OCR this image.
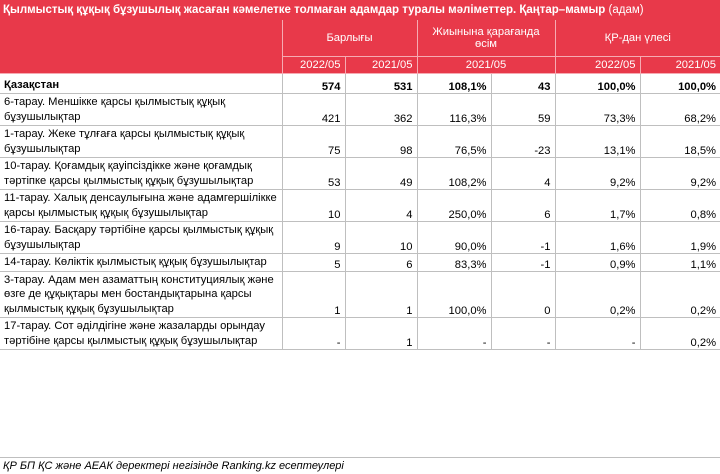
Қылмыстық құқық бұзушылық жасаған кәмелетке толмаған адамдар туралы мәліметтер. Қаңтар–мамыр (адам)
	Барлығы		Жиынына қарағанда өсім		ҚР-дан үлесі	
	2022/05	2021/05	2021/05		2022/05	2021/05
Қазақстан	574	531	108,1%	43	100,0%	100,0%
6-тарау. Меншікке қарсы қылмыстық құқық бұзушылықтар	421	362	116,3%	59	73,3%	68,2%
1-тарау. Жеке тұлғаға қарсы қылмыстық құқық бұзушылықтар	75	98	76,5%	-23	13,1%	18,5%
10-тарау. Қоғамдық қауіпсіздікке және қоғамдық тәртіпке қарсы қылмыстық құқық бұзушылықтар	53	49	108,2%	4	9,2%	9,2%
11-тарау. Халық денсаулығына және адамгершілікке қарсы қылмыстық құқық бұзушылықтар	10	4	250,0%	6	1,7%	0,8%
16-тарау. Басқару тәртібіне қарсы қылмыстық құқық бұзушылықтар	9	10	90,0%	-1	1,6%	1,9%
14-тарау. Көліктік қылмыстық құқық бұзушылықтар	5	6	83,3%	-1	0,9%	1,1%
3-тарау. Адам мен азаматтың конституциялық және өзге де құқықтары мен бостандықтарына қарсы қылмыстық құқық бұзушылықтар	1	1	100,0%	0	0,2%	0,2%
17-тарау. Сот әділдігіне және жазаларды орындау тәртібіне қарсы қылмыстық құқық бұзушылықтар	-	1	-	-	-	0,2%
ҚР БП ҚС және АЕАК деректері негізінде Ranking.kz есептеулері
